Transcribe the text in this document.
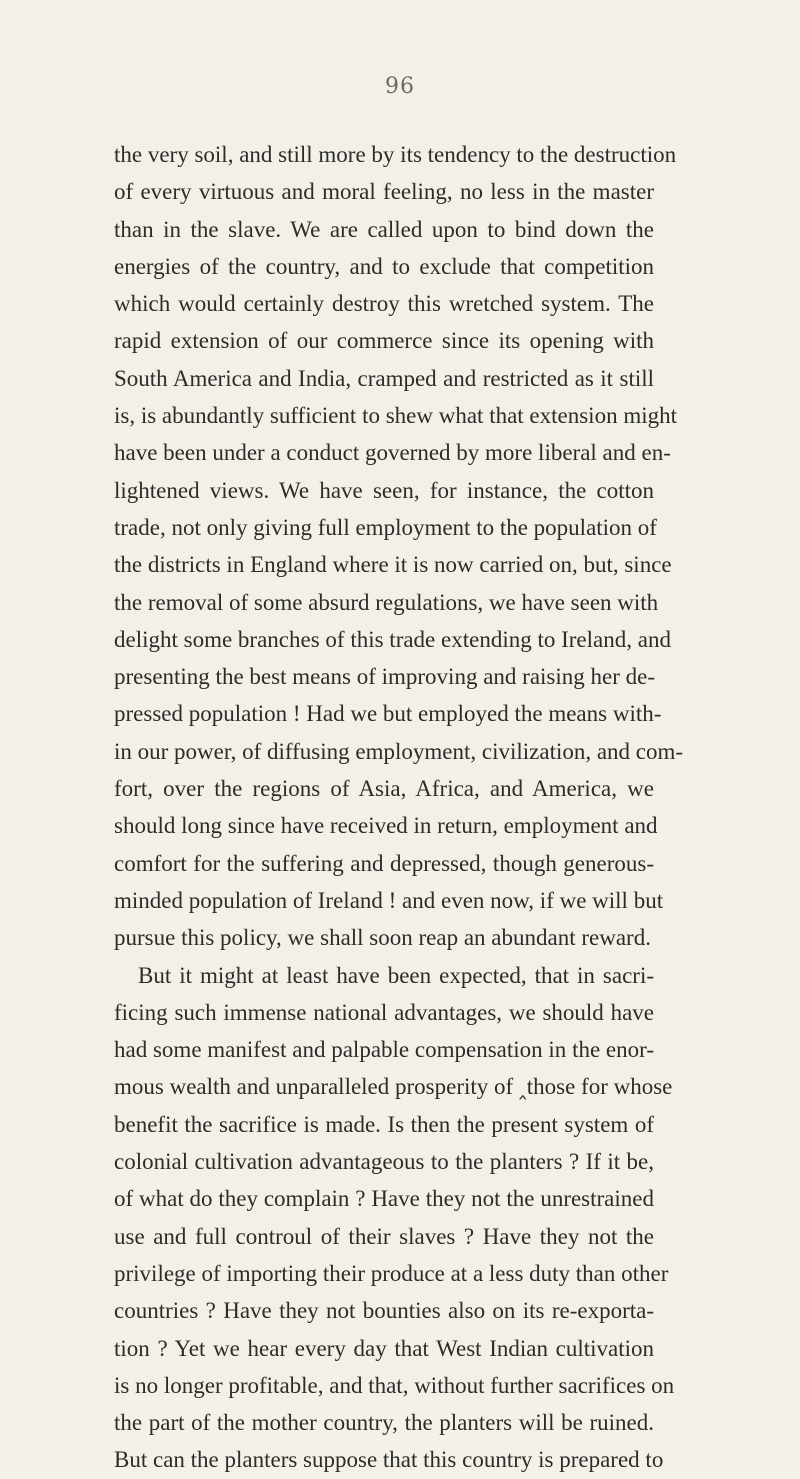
96
the very soil, and still more by its tendency to the destruction
of every virtuous and moral feeling, no less in the master
than in the slave. We are called upon to bind down the
energies of the country, and to exclude that competition
which would certainly destroy this wretched system. The
rapid extension of our commerce since its opening with
South America and India, cramped and restricted as it still
is, is abundantly sufficient to shew what that extension might
have been under a conduct governed by more liberal and en-
lightened views. We have seen, for instance, the cotton
trade, not only giving full employment to the population of
the districts in England where it is now carried on, but, since
the removal of some absurd regulations, we have seen with
delight some branches of this trade extending to Ireland, and
presenting the best means of improving and raising her de-
pressed population ! Had we but employed the means with-
in our power, of diffusing employment, civilization, and com-
fort, over the regions of Asia, Africa, and America, we
should long since have received in return, employment and
comfort for the suffering and depressed, though generous-
minded population of Ireland ! and even now, if we will but
pursue this policy, we shall soon reap an abundant reward.
But it might at least have been expected, that in sacri-
ficing such immense national advantages, we should have
had some manifest and palpable compensation in the enor-
mous wealth and unparalleled prosperity of ‸those for whose
benefit the sacrifice is made. Is then the present system of
colonial cultivation advantageous to the planters ? If it be,
of what do they complain ? Have they not the unrestrained
use and full controul of their slaves ? Have they not the
privilege of importing their produce at a less duty than other
countries ? Have they not bounties also on its re-exporta-
tion ? Yet we hear every day that West Indian cultivation
is no longer profitable, and that, without further sacrifices on
the part of the mother country, the planters will be ruined.
But can the planters suppose that this country is prepared to
